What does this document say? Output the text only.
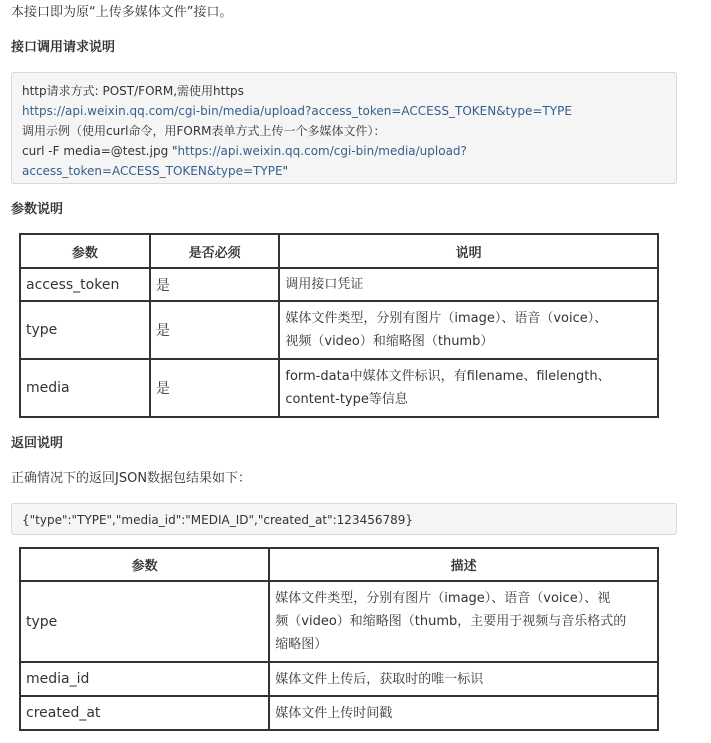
本接口即为原“上传多媒体文件”接口。
接口调用请求说明
http请求方式: POST/FORM,需使用https
https://api.weixin.qq.com/cgi-bin/media/upload?access_token=ACCESS_TOKEN&type=TYPE
调用示例（使用curl命令，用FORM表单方式上传一个多媒体文件）：
curl -F media=@test.jpg "https://api.weixin.qq.com/cgi-bin/media/upload?
access_token=ACCESS_TOKEN&type=TYPE"
参数说明
参数	是否必须	说明
access_token	是	调用接口凭证
type	是	媒体文件类型，分别有图片（image）、语音（voice）、
视频（video）和缩略图（thumb）

media	是	form-data中媒体文件标识，有filename、filelength、
content-type等信息
返回说明
正确情况下的返回JSON数据包结果如下：
{"type":"TYPE","media_id":"MEDIA_ID","created_at":123456789}
参数	描述
type	媒体文件类型，分别有图片（image）、语音（voice）、视
频（video）和缩略图（thumb，主要用于视频与音乐格式的
缩略图）

media_id	媒体文件上传后，获取时的唯一标识
created_at	媒体文件上传时间戳
